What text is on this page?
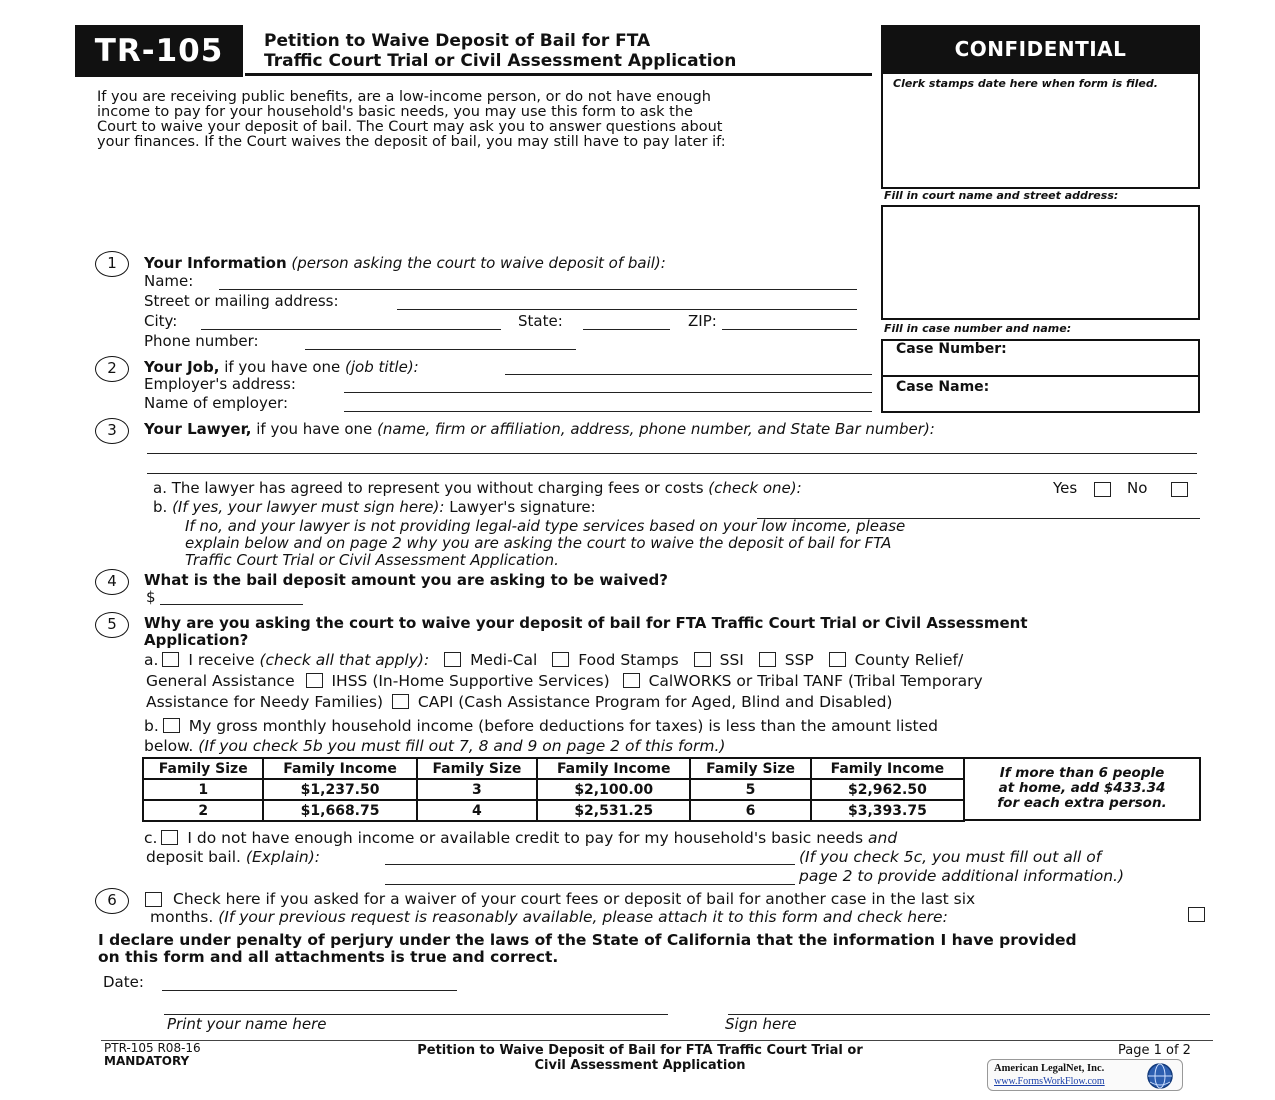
TR-105	Petition to Waive Deposit of Bail for FTA
Traffic Court Trial or Civil Assessment Application	CONFIDENTIAL
Clerk stamps date here when form is filed.
Fill in court name and street address:
Fill in case number and name:
Case Number:
Case Name:
If you are receiving public benefits, are a low-income person, or do not have enough
income to pay for your household's basic needs, you may use this form to ask the
Court to waive your deposit of bail. The Court may ask you to answer questions about
your finances. If the Court waives the deposit of bail, you may still have to pay later if:
1	Your Information (person asking the court to waive deposit of bail):
Name:
Street or mailing address:
City:	State:	ZIP:
Phone number:
2	Your Job, if you have one (job title):
Employer's address:
Name of employer:
3	Your Lawyer, if you have one (name, firm or affiliation, address, phone number, and State Bar number):
a. The lawyer has agreed to represent you without charging fees or costs (check one):	Yes	No
b. (If yes, your lawyer must sign here): Lawyer's signature:
If no, and your lawyer is not providing legal-aid type services based on your low income, please
explain below and on page 2 why you are asking the court to waive the deposit of bail for FTA
Traffic Court Trial or Civil Assessment Application.
4	What is the bail deposit amount you are asking to be waived?
$
5	Why are you asking the court to waive your deposit of bail for FTA Traffic Court Trial or Civil Assessment
Application?
a. I receive (check all that apply):	Medi-Cal	Food Stamps	SSI	SSP	County Relief/
General Assistance IHSS (In-Home Supportive Services)	CalWORKS or Tribal TANF (Tribal Temporary
Assistance for Needy Families) CAPI (Cash Assistance Program for Aged, Blind and Disabled)
b. My gross monthly household income (before deductions for taxes) is less than the amount listed
below. (If you check 5b you must fill out 7, 8 and 9 on page 2 of this form.)
Family Size	Family Income	Family Size	Family Income	Family Size	Family Income
1	$1,237.50	3	$2,100.00	5	$2,962.50
2	$1,668.75	4	$2,531.25	6	$3,393.75
If more than 6 people
at home, add $433.34
for each extra person.
c. I do not have enough income or available credit to pay for my household's basic needs and
deposit bail. (Explain):	(If you check 5c, you must fill out all of
page 2 to provide additional information.)
6	Check here if you asked for a waiver of your court fees or deposit of bail for another case in the last six
months. (If your previous request is reasonably available, please attach it to this form and check here:
I declare under penalty of perjury under the laws of the State of California that the information I have provided
on this form and all attachments is true and correct.
Date:
Print your name here	Sign here
PTR-105 R08-16
MANDATORY
Petition to Waive Deposit of Bail for FTA Traffic Court Trial or
Civil Assessment Application
Page 1 of 2
American LegalNet, Inc.
www.FormsWorkFlow.com
